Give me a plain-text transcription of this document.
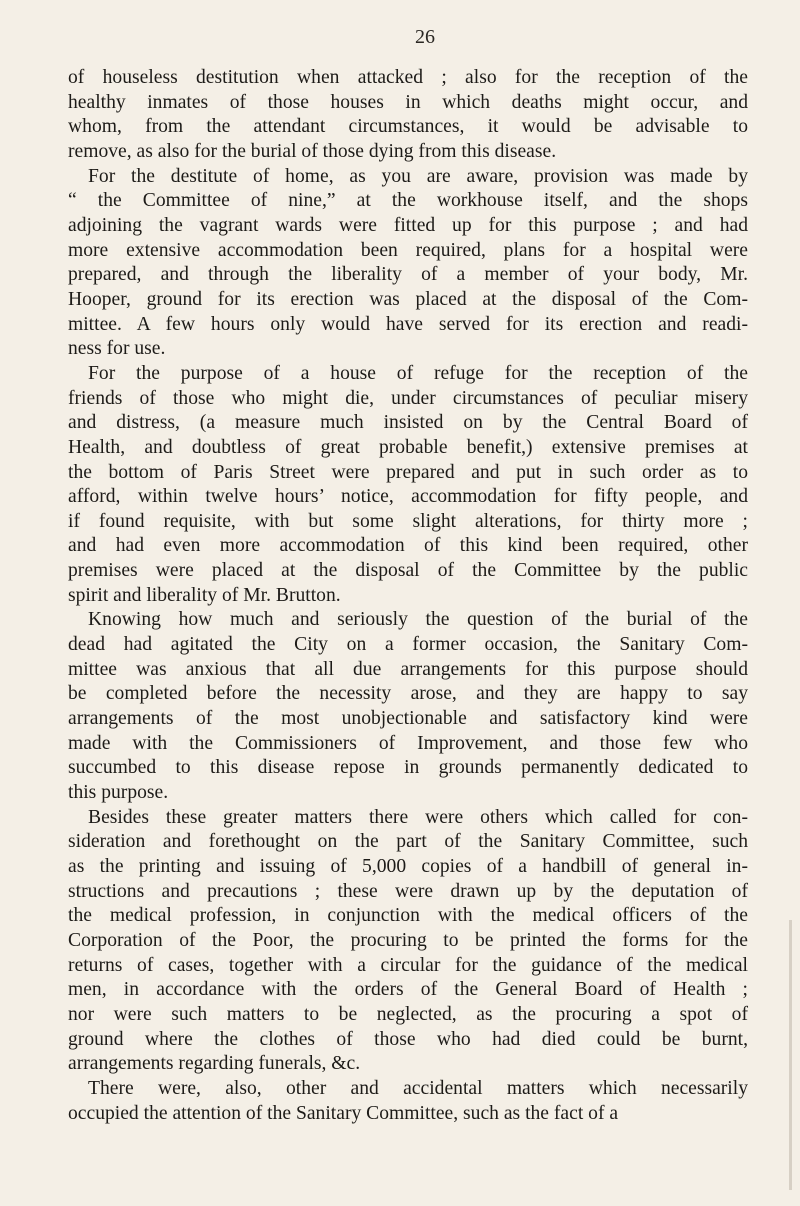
26
of houseless destitution when attacked ; also for the reception of the
healthy inmates of those houses in which deaths might occur, and
whom, from the attendant circumstances, it would be advisable to
remove, as also for the burial of those dying from this disease.
For the destitute of home, as you are aware, provision was made by
“ the Committee of nine,” at the workhouse itself, and the shops
adjoining the vagrant wards were fitted up for this purpose ; and had
more extensive accommodation been required, plans for a hospital were
prepared, and through the liberality of a member of your body, Mr.
Hooper, ground for its erection was placed at the disposal of the Com-
mittee. A few hours only would have served for its erection and readi-
ness for use.
For the purpose of a house of refuge for the reception of the
friends of those who might die, under circumstances of peculiar misery
and distress, (a measure much insisted on by the Central Board of
Health, and doubtless of great probable benefit,) extensive premises at
the bottom of Paris Street were prepared and put in such order as to
afford, within twelve hours’ notice, accommodation for fifty people, and
if found requisite, with but some slight alterations, for thirty more ;
and had even more accommodation of this kind been required, other
premises were placed at the disposal of the Committee by the public
spirit and liberality of Mr. Brutton.
Knowing how much and seriously the question of the burial of the
dead had agitated the City on a former occasion, the Sanitary Com-
mittee was anxious that all due arrangements for this purpose should
be completed before the necessity arose, and they are happy to say
arrangements of the most unobjectionable and satisfactory kind were
made with the Commissioners of Improvement, and those few who
succumbed to this disease repose in grounds permanently dedicated to
this purpose.
Besides these greater matters there were others which called for con-
sideration and forethought on the part of the Sanitary Committee, such
as the printing and issuing of 5,000 copies of a handbill of general in-
structions and precautions ; these were drawn up by the deputation of
the medical profession, in conjunction with the medical officers of the
Corporation of the Poor, the procuring to be printed the forms for the
returns of cases, together with a circular for the guidance of the medical
men, in accordance with the orders of the General Board of Health ;
nor were such matters to be neglected, as the procuring a spot of
ground where the clothes of those who had died could be burnt,
arrangements regarding funerals, &c.
There were, also, other and accidental matters which necessarily
occupied the attention of the Sanitary Committee, such as the fact of a
